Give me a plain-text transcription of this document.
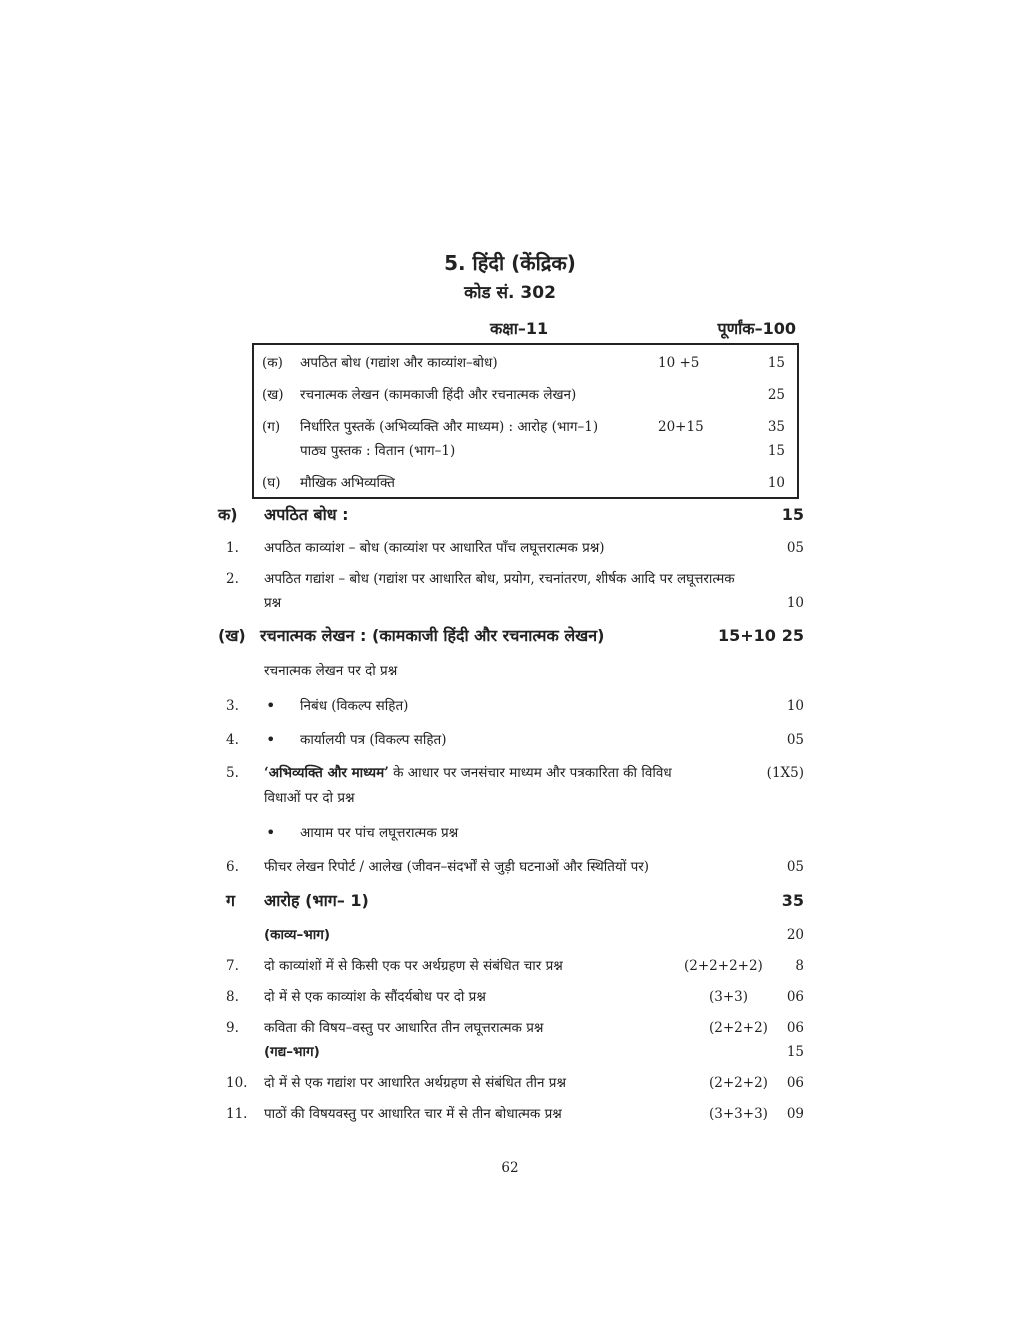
5. हिंदी (केंद्रिक)
कोड सं. 302
कक्षा–11	पूर्णांक–100
(क) अपठित बोध (गद्यांश और काव्यांश–बोध)	10 +5	15
(ख) रचनात्मक लेखन (कामकाजी हिंदी और रचनात्मक लेखन)	25
(ग) निर्धारित पुस्तकें (अभिव्यक्ति और माध्यम) : आरोह (भाग–1)	20+15	35
पाठ्य पुस्तक : वितान (भाग–1)	15
(घ) मौखिक अभिव्यक्ति	10
क) अपठित बोध :	15
1. अपठित काव्यांश – बोध (काव्यांश पर आधारित पाँच लघूत्तरात्मक प्रश्न)	05
2. अपठित गद्यांश – बोध (गद्यांश पर आधारित बोध, प्रयोग, रचनांतरण, शीर्षक आदि पर लघूत्तरात्मक
प्रश्न	10
(ख) रचनात्मक लेखन : (कामकाजी हिंदी और रचनात्मक लेखन)	15+10 25
रचनात्मक लेखन पर दो प्रश्न
3. • निबंध (विकल्प सहित)	10
4. • कार्यालयी पत्र (विकल्प सहित)	05
5. ‘अभिव्यक्ति और माध्यम’ के आधार पर जनसंचार माध्यम और पत्रकारिता की विविध	(1X5)
विधाओं पर दो प्रश्न
• आयाम पर पांच लघूत्तरात्मक प्रश्न
6. फीचर लेखन रिपोर्ट / आलेख (जीवन–संदर्भों से जुड़ी घटनाओं और स्थितियों पर)	05
ग आरोह (भाग– 1)	35
(काव्य–भाग)	20
7. दो काव्यांशों में से किसी एक पर अर्थग्रहण से संबंधित चार प्रश्न	(2+2+2+2) 8
8. दो में से एक काव्यांश के सौंदर्यबोध पर दो प्रश्न	(3+3)	06
9. कविता की विषय–वस्तु पर आधारित तीन लघूत्तरात्मक प्रश्न	(2+2+2) 06
(गद्य–भाग)	15
10. दो में से एक गद्यांश पर आधारित अर्थग्रहण से संबंधित तीन प्रश्न	(2+2+2) 06
11. पाठों की विषयवस्तु पर आधारित चार में से तीन बोधात्मक प्रश्न	(3+3+3) 09
62
